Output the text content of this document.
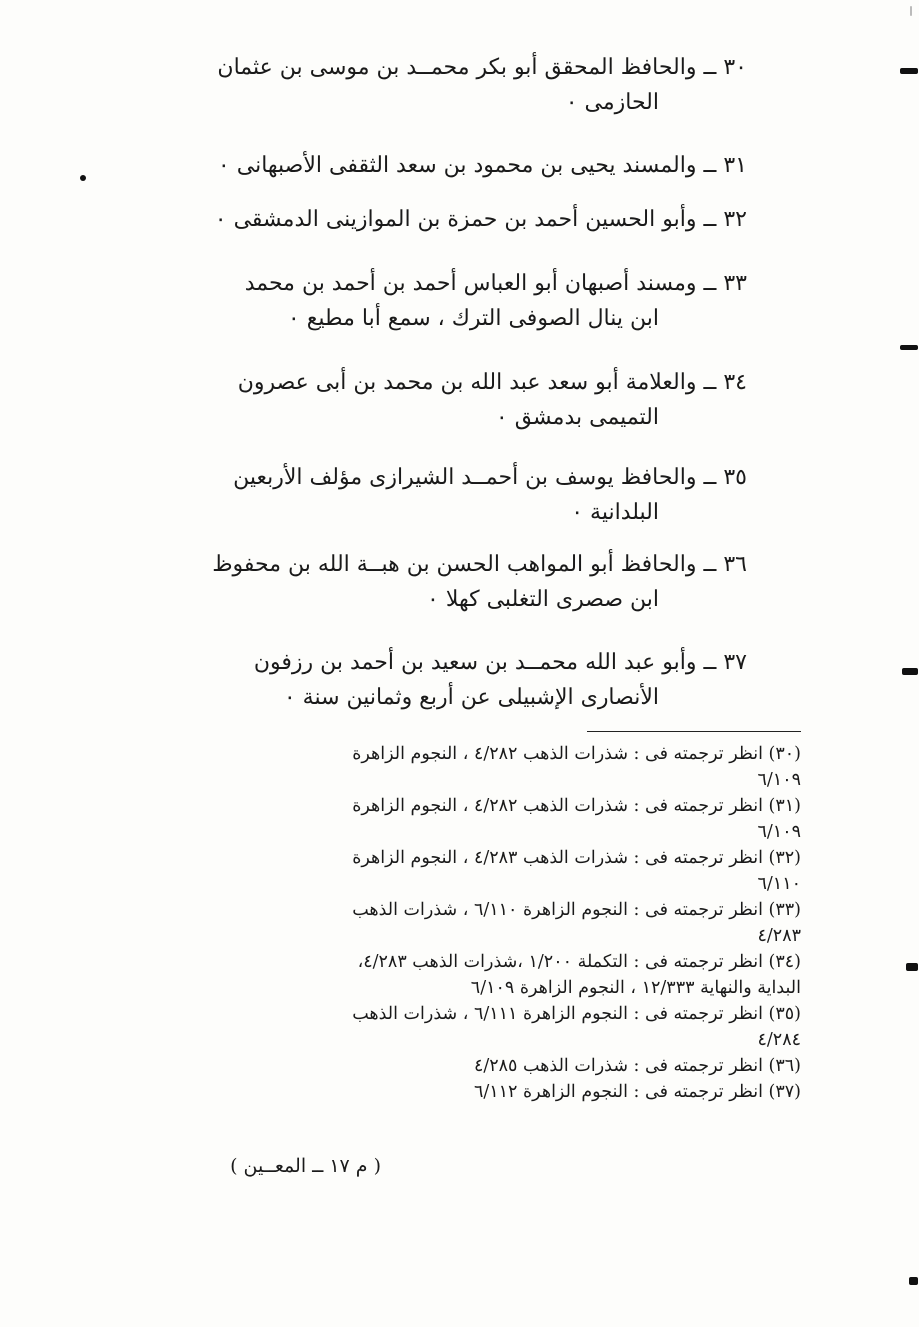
٣٠ ــ والحافظ المحقق أبو بكر محمــد بن موسى بن عثمان
الحازمى ٠
٣١ ــ والمسند يحيى بن محمود بن سعد الثقفى الأصبهانى ٠
٣٢ ــ وأبو الحسين أحمد بن حمزة بن الموازينى الدمشقى ٠
٣٣ ــ ومسند أصبهان أبو العباس أحمد بن أحمد بن محمد
ابن ينال الصوفى الترك ، سمع أبا مطيع ٠
٣٤ ــ والعلامة أبو سعد عبد الله بن محمد بن أبى عصرون
التميمى بدمشق ٠
٣٥ ــ والحافظ يوسف بن أحمــد الشيرازى مؤلف الأربعين
البلدانية ٠
٣٦ ــ والحافظ أبو المواهب الحسن بن هبــة الله بن محفوظ
ابن صصرى التغلبى كهلا ٠
٣٧ ــ وأبو عبد الله محمــد بن سعيد بن أحمد بن رزفون
الأنصارى الإشبيلى عن أربع وثمانين سنة ٠

(٣٠) انظر ترجمته فى : شذرات الذهب ٤/٢٨٢ ، النجوم الزاهرة
٦/١٠٩

(٣١) انظر ترجمته فى : شذرات الذهب ٤/٢٨٢ ، النجوم الزاهرة
٦/١٠٩

(٣٢) انظر ترجمته فى : شذرات الذهب ٤/٢٨٣ ، النجوم الزاهرة
٦/١١٠

(٣٣) انظر ترجمته فى : النجوم الزاهرة ٦/١١٠ ، شذرات الذهب
٤/٢٨٣

(٣٤) انظر ترجمته فى : التكملة ١/٢٠٠ ،شذرات الذهب ٤/٢٨٣،
البداية والنهاية ١٢/٣٣٣ ، النجوم الزاهرة ٦/١٠٩

(٣٥) انظر ترجمته فى : النجوم الزاهرة ٦/١١١ ، شذرات الذهب
٤/٢٨٤

(٣٦) انظر ترجمته فى : شذرات الذهب ٤/٢٨٥

(٣٧) انظر ترجمته فى : النجوم الزاهرة ٦/١١٢

( م ١٧ ــ المعــين )
